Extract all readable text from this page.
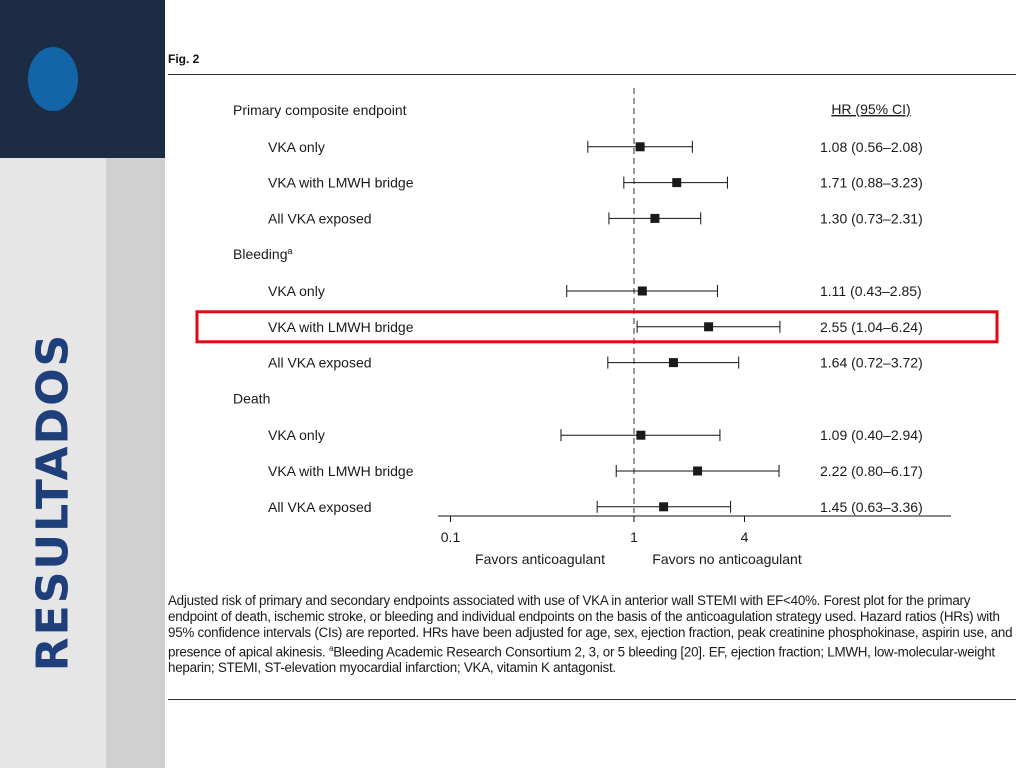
RESULTADOS
Fig. 2
HR (95% CI)
Primary composite endpoint
VKA only	1.08 (0.56–2.08)
VKA with LMWH bridge	1.71 (0.88–3.23)
All VKA exposed	1.30 (0.73–2.31)
Bleeding$^a$
VKA only	1.11 (0.43–2.85)
VKA with LMWH bridge	2.55 (1.04–6.24)
All VKA exposed	1.64 (0.72–3.72)
Death
VKA only	1.09 (0.40–2.94)
VKA with LMWH bridge	2.22 (0.80–6.17)
All VKA exposed	1.45 (0.63–3.36)
0.1	1	4
Favors anticoagulant	Favors no anticoagulant
Adjusted risk of primary and secondary endpoints associated with use of VKA in anterior wall STEMI with EF<40%. Forest plot for the primary endpoint of death, ischemic stroke, or bleeding and individual endpoints on the basis of the anticoagulation strategy used. Hazard ratios (HRs) with 95% confidence intervals (CIs) are reported. HRs have been adjusted for age, sex, ejection fraction, peak creatinine phosphokinase, aspirin use, and presence of apical akinesis. $^a$Bleeding Academic Research Consortium 2, 3, or 5 bleeding [20]. EF, ejection fraction; LMWH, low-molecular-weight heparin; STEMI, ST-elevation myocardial infarction; VKA, vitamin K antagonist.
